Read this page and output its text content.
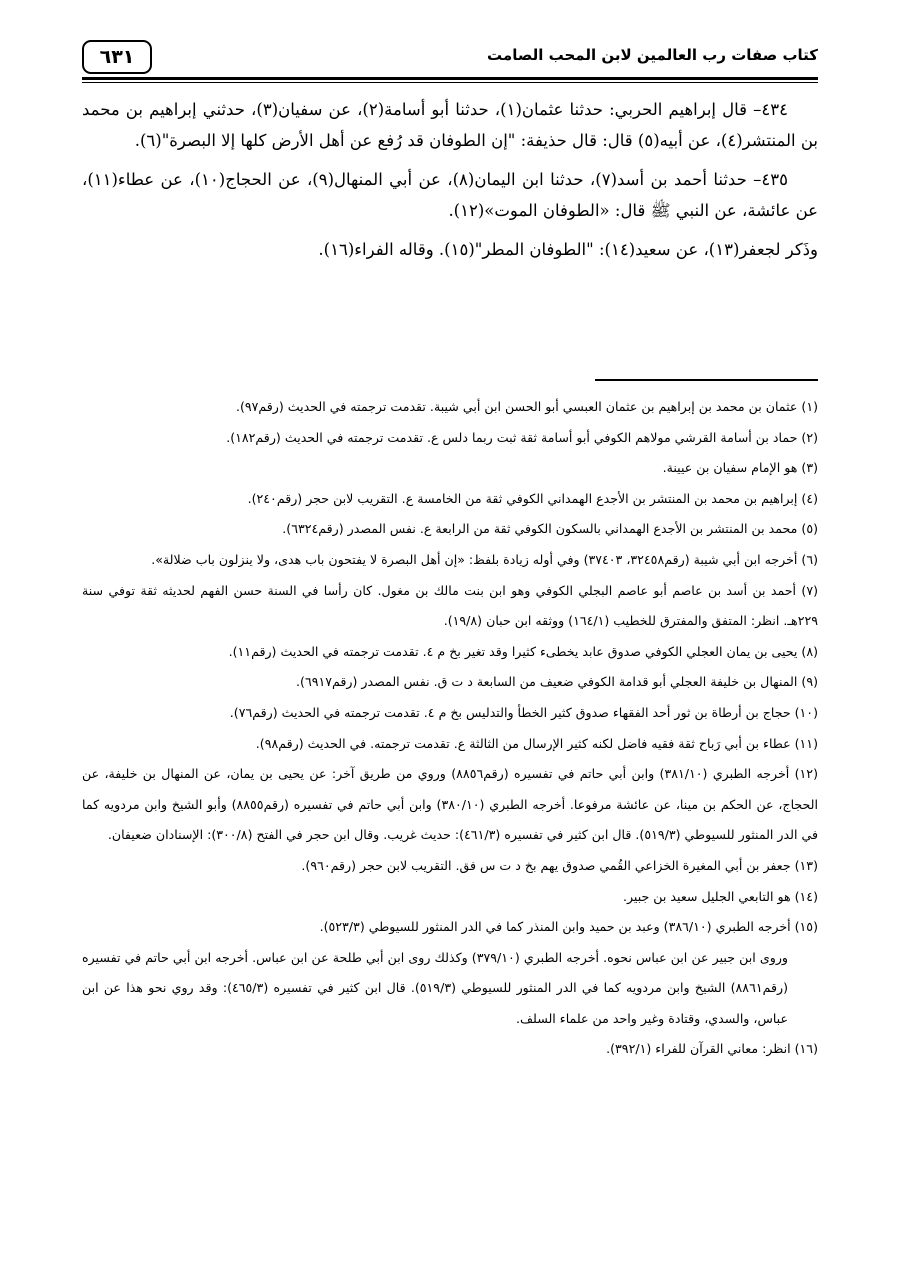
٦٣١	كتاب صفات رب العالمين لابن المحب الصامت

٤٣٤– قال إبراهيم الحربي: حدثنا عثمان(١)، حدثنا أبو أسامة(٢)، عن سفيان(٣)، حدثني إبراهيم بن محمد بن المنتشر(٤)، عن أبيه(٥) قال: قال حذيفة: "إن الطوفان قد رُفع عن أهل الأرض كلها إلا البصرة"(٦).

٤٣٥– حدثنا أحمد بن أسد(٧)، حدثنا ابن اليمان(٨)، عن أبي المنهال(٩)، عن الحجاج(١٠)، عن عطاء(١١)، عن عائشة، عن النبي ﷺ قال: «الطوفان الموت»(١٢).

وذَكر لجعفر(١٣)، عن سعيد(١٤): "الطوفان المطر"(١٥). وقاله الفراء(١٦).

(١) عثمان بن محمد بن إبراهيم بن عثمان العبسي أبو الحسن ابن أبي شيبة. تقدمت ترجمته في الحديث (رقم٩٧).
(٢) حماد بن أسامة القرشي مولاهم الكوفي أبو أسامة ثقة ثبت ربما دلس ع. تقدمت ترجمته في الحديث (رقم١٨٢).
(٣) هو الإمام سفيان بن عيينة.
(٤) إبراهيم بن محمد بن المنتشر بن الأجدع الهمداني الكوفي ثقة من الخامسة ع. التقريب لابن حجر (رقم٢٤٠).
(٥) محمد بن المنتشر بن الأجدع الهمداني بالسكون الكوفي ثقة من الرابعة ع. نفس المصدر (رقم٦٣٢٤).
(٦) أخرجه ابن أبي شيبة (رقم٣٢٤٥٨، ٣٧٤٠٣) وفي أوله زيادة بلفظ: «إن أهل البصرة لا يفتحون باب هدى، ولا ينزلون باب ضلالة».
(٧) أحمد بن أسد بن عاصم أبو عاصم البجلي الكوفي وهو ابن بنت مالك بن مغول. كان رأسا في السنة حسن الفهم لحديثه ثقة توفي سنة ٢٢٩هـ. انظر: المتفق والمفترق للخطيب (١٦٤/١) ووثقه ابن حبان (١٩/٨).
(٨) يحيى بن يمان العجلي الكوفي صدوق عابد يخطىء كثيرا وقد تغير بخ م ٤. تقدمت ترجمته في الحديث (رقم١١).
(٩) المنهال بن خليفة العجلي أبو قدامة الكوفي ضعيف من السابعة د ت ق. نفس المصدر (رقم٦٩١٧).
(١٠) حجاج بن أرطاة بن ثور أحد الفقهاء صدوق كثير الخطأ والتدليس بخ م ٤. تقدمت ترجمته في الحديث (رقم٧٦).
(١١) عطاء بن أبي رَباح ثقة فقيه فاضل لكنه كثير الإرسال من الثالثة ع. تقدمت ترجمته. في الحديث (رقم٩٨).
(١٢) أخرجه الطبري (٣٨١/١٠) وابن أبي حاتم في تفسيره (رقم٨٨٥٦) وروي من طريق آخر: عن يحيى بن يمان، عن المنهال بن خليفة، عن الحجاج، عن الحكم بن مينا، عن عائشة مرفوعا. أخرجه الطبري (٣٨٠/١٠) وابن أبي حاتم في تفسيره (رقم٨٨٥٥) وأبو الشيخ وابن مردويه كما في الدر المنثور للسيوطي (٥١٩/٣). قال ابن كثير في تفسيره (٤٦١/٣): حديث غريب. وقال ابن حجر في الفتح (٣٠٠/٨): الإسنادان ضعيفان.
(١٣) جعفر بن أبي المغيرة الخزاعي القُمي صدوق يهم بخ د ت س فق. التقريب لابن حجر (رقم٩٦٠).
(١٤) هو التابعي الجليل سعيد بن جبير.
(١٥) أخرجه الطبري (٣٨٦/١٠) وعبد بن حميد وابن المنذر كما في الدر المنثور للسيوطي (٥٢٣/٣).
وروى ابن جبير عن ابن عباس نحوه. أخرجه الطبري (٣٧٩/١٠) وكذلك روى ابن أبي طلحة عن ابن عباس. أخرجه ابن أبي حاتم في تفسيره (رقم٨٨٦١) الشيخ وابن مردويه كما في الدر المنثور للسيوطي (٥١٩/٣). قال ابن كثير في تفسيره (٤٦٥/٣): وقد روي نحو هذا عن ابن عباس، والسدي، وقتادة وغير واحد من علماء السلف.
(١٦) انظر: معاني القرآن للفراء (٣٩٢/١).
